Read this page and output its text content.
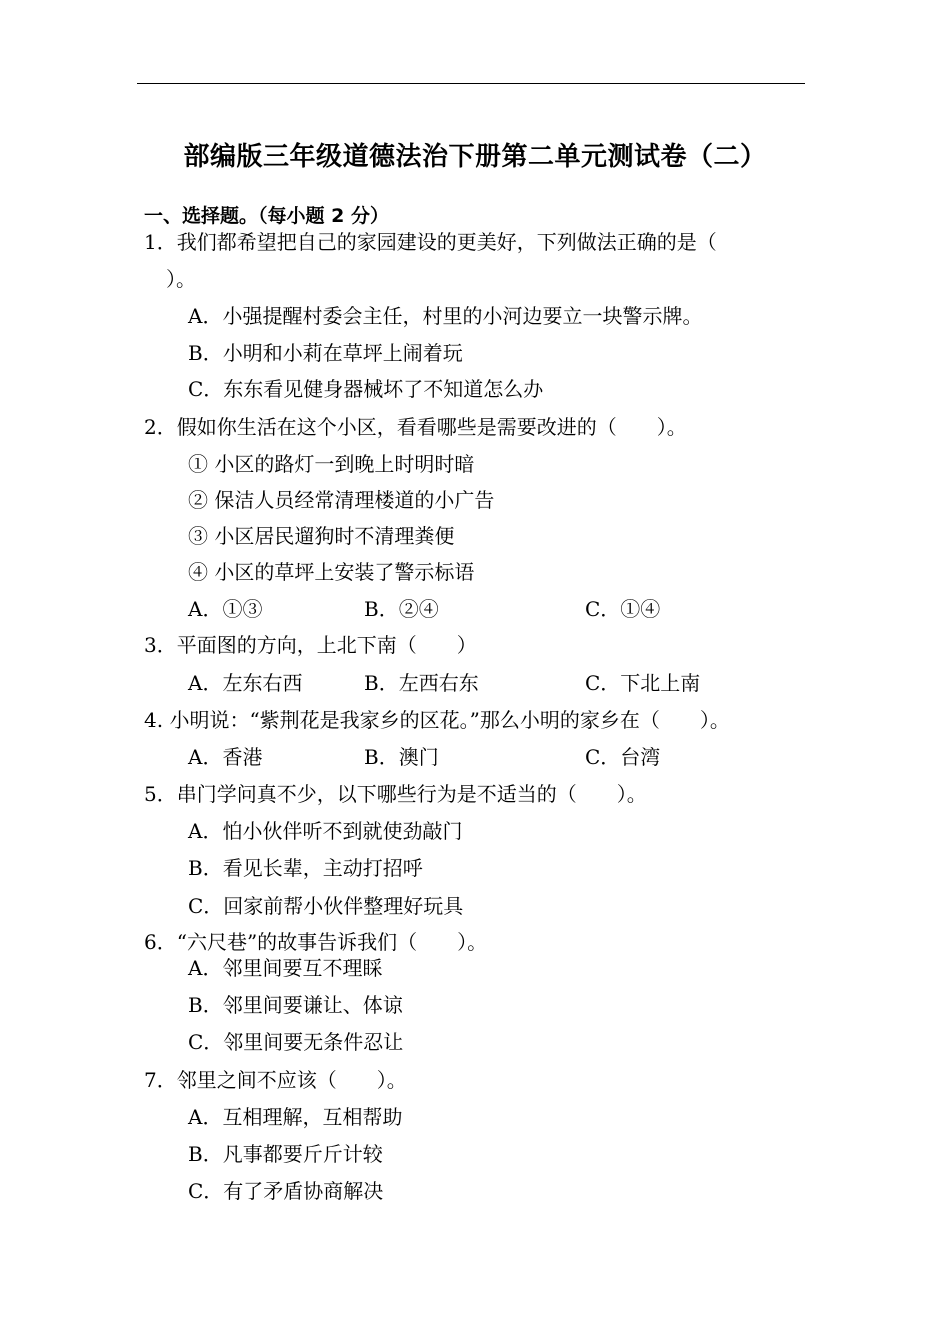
部编版三年级道德法治下册第二单元测试卷（二）
一、选择题。（每小题 2 分）
1．我们都希望把自己的家园建设的更美好，下列做法正确的是（
）。
A．小强提醒村委会主任，村里的小河边要立一块警示牌。
B．小明和小莉在草坪上闹着玩
C．东东看见健身器械坏了不知道怎么办
2．假如你生活在这个小区，看看哪些是需要改进的（　　）。
① 小区的路灯一到晚上时明时暗
② 保洁人员经常清理楼道的小广告
③ 小区居民遛狗时不清理粪便
④ 小区的草坪上安装了警示标语
A．①③	B．②④	C．①④
3．平面图的方向，上北下南（　　）
A．左东右西	B．左西右东	C．下北上南
4. 小明说：“紫荆花是我家乡的区花。”那么小明的家乡在（　　）。
A．香港	B．澳门	C．台湾
5．串门学问真不少，以下哪些行为是不适当的（　　）。
A．怕小伙伴听不到就使劲敲门
B．看见长辈，主动打招呼
C．回家前帮小伙伴整理好玩具
6．“六尺巷”的故事告诉我们（　　）。
A．邻里间要互不理睬
B．邻里间要谦让、体谅
C．邻里间要无条件忍让
7．邻里之间不应该（　　）。
A．互相理解，互相帮助
B．凡事都要斤斤计较
C．有了矛盾协商解决
